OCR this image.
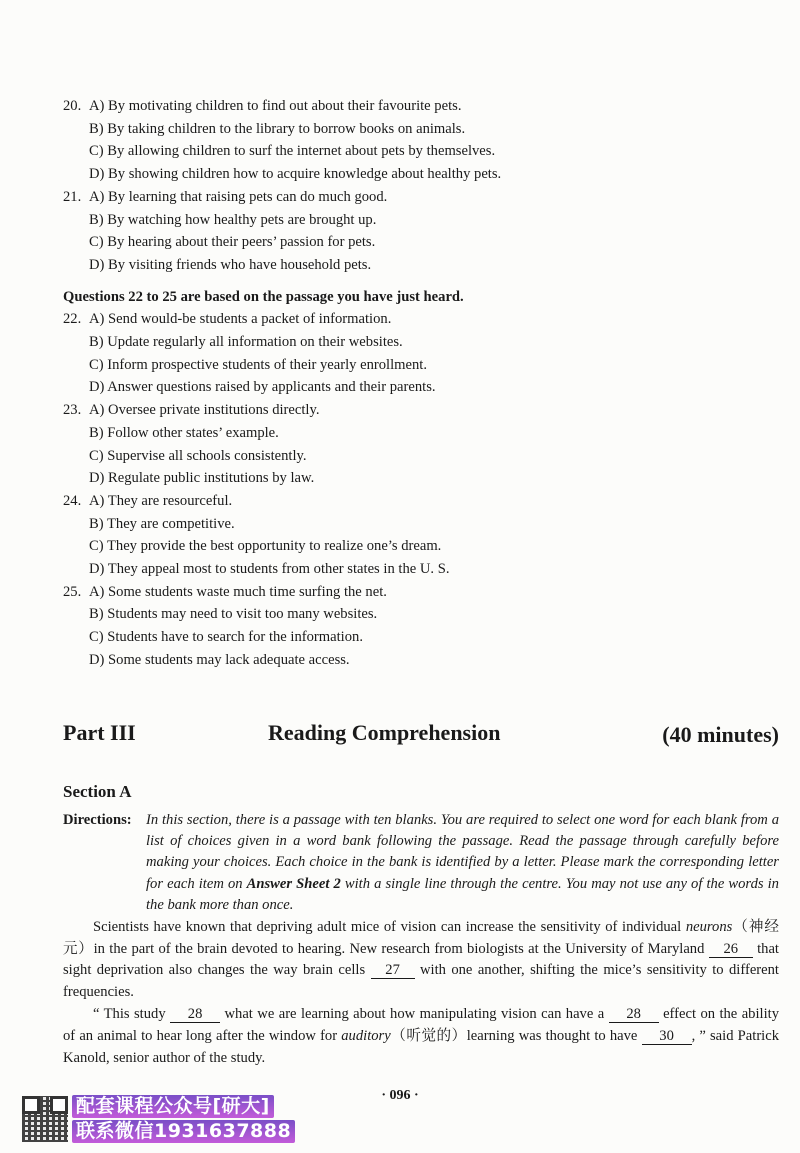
20. A) By motivating children to find out about their favourite pets.
B) By taking children to the library to borrow books on animals.
C) By allowing children to surf the internet about pets by themselves.
D) By showing children how to acquire knowledge about healthy pets.
21. A) By learning that raising pets can do much good.
B) By watching how healthy pets are brought up.
C) By hearing about their peers’ passion for pets.
D) By visiting friends who have household pets.
Questions 22 to 25 are based on the passage you have just heard.
22. A) Send would-be students a packet of information.
B) Update regularly all information on their websites.
C) Inform prospective students of their yearly enrollment.
D) Answer questions raised by applicants and their parents.
23. A) Oversee private institutions directly.
B) Follow other states’ example.
C) Supervise all schools consistently.
D) Regulate public institutions by law.
24. A) They are resourceful.
B) They are competitive.
C) They provide the best opportunity to realize one’s dream.
D) They appeal most to students from other states in the U. S.
25. A) Some students waste much time surfing the net.
B) Students may need to visit too many websites.
C) Students have to search for the information.
D) Some students may lack adequate access.
Part III	Reading Comprehension	(40 minutes)
Section A
Directions: In this section, there is a passage with ten blanks. You are required to select one word for each blank from a list of choices given in a word bank following the passage. Read the passage through carefully before making your choices. Each choice in the bank is identified by a letter. Please mark the corresponding letter for each item on Answer Sheet 2 with a single line through the centre. You may not use any of the words in the bank more than once.

Scientists have known that depriving adult mice of vision can increase the sensitivity of individual neurons（神经元）in the part of the brain devoted to hearing. New research from biologists at the University of Maryland 26 that sight deprivation also changes the way brain cells 27 with one another, shifting the mice’s sensitivity to different frequencies.

“ This study 28 what we are learning about how manipulating vision can have a 28 effect on the ability of an animal to hear long after the window for auditory（听觉的）learning was thought to have 30 , ” said Patrick Kanold, senior author of the study.

· 096 ·
配套课程公众号[研大]
联系微信1931637888
